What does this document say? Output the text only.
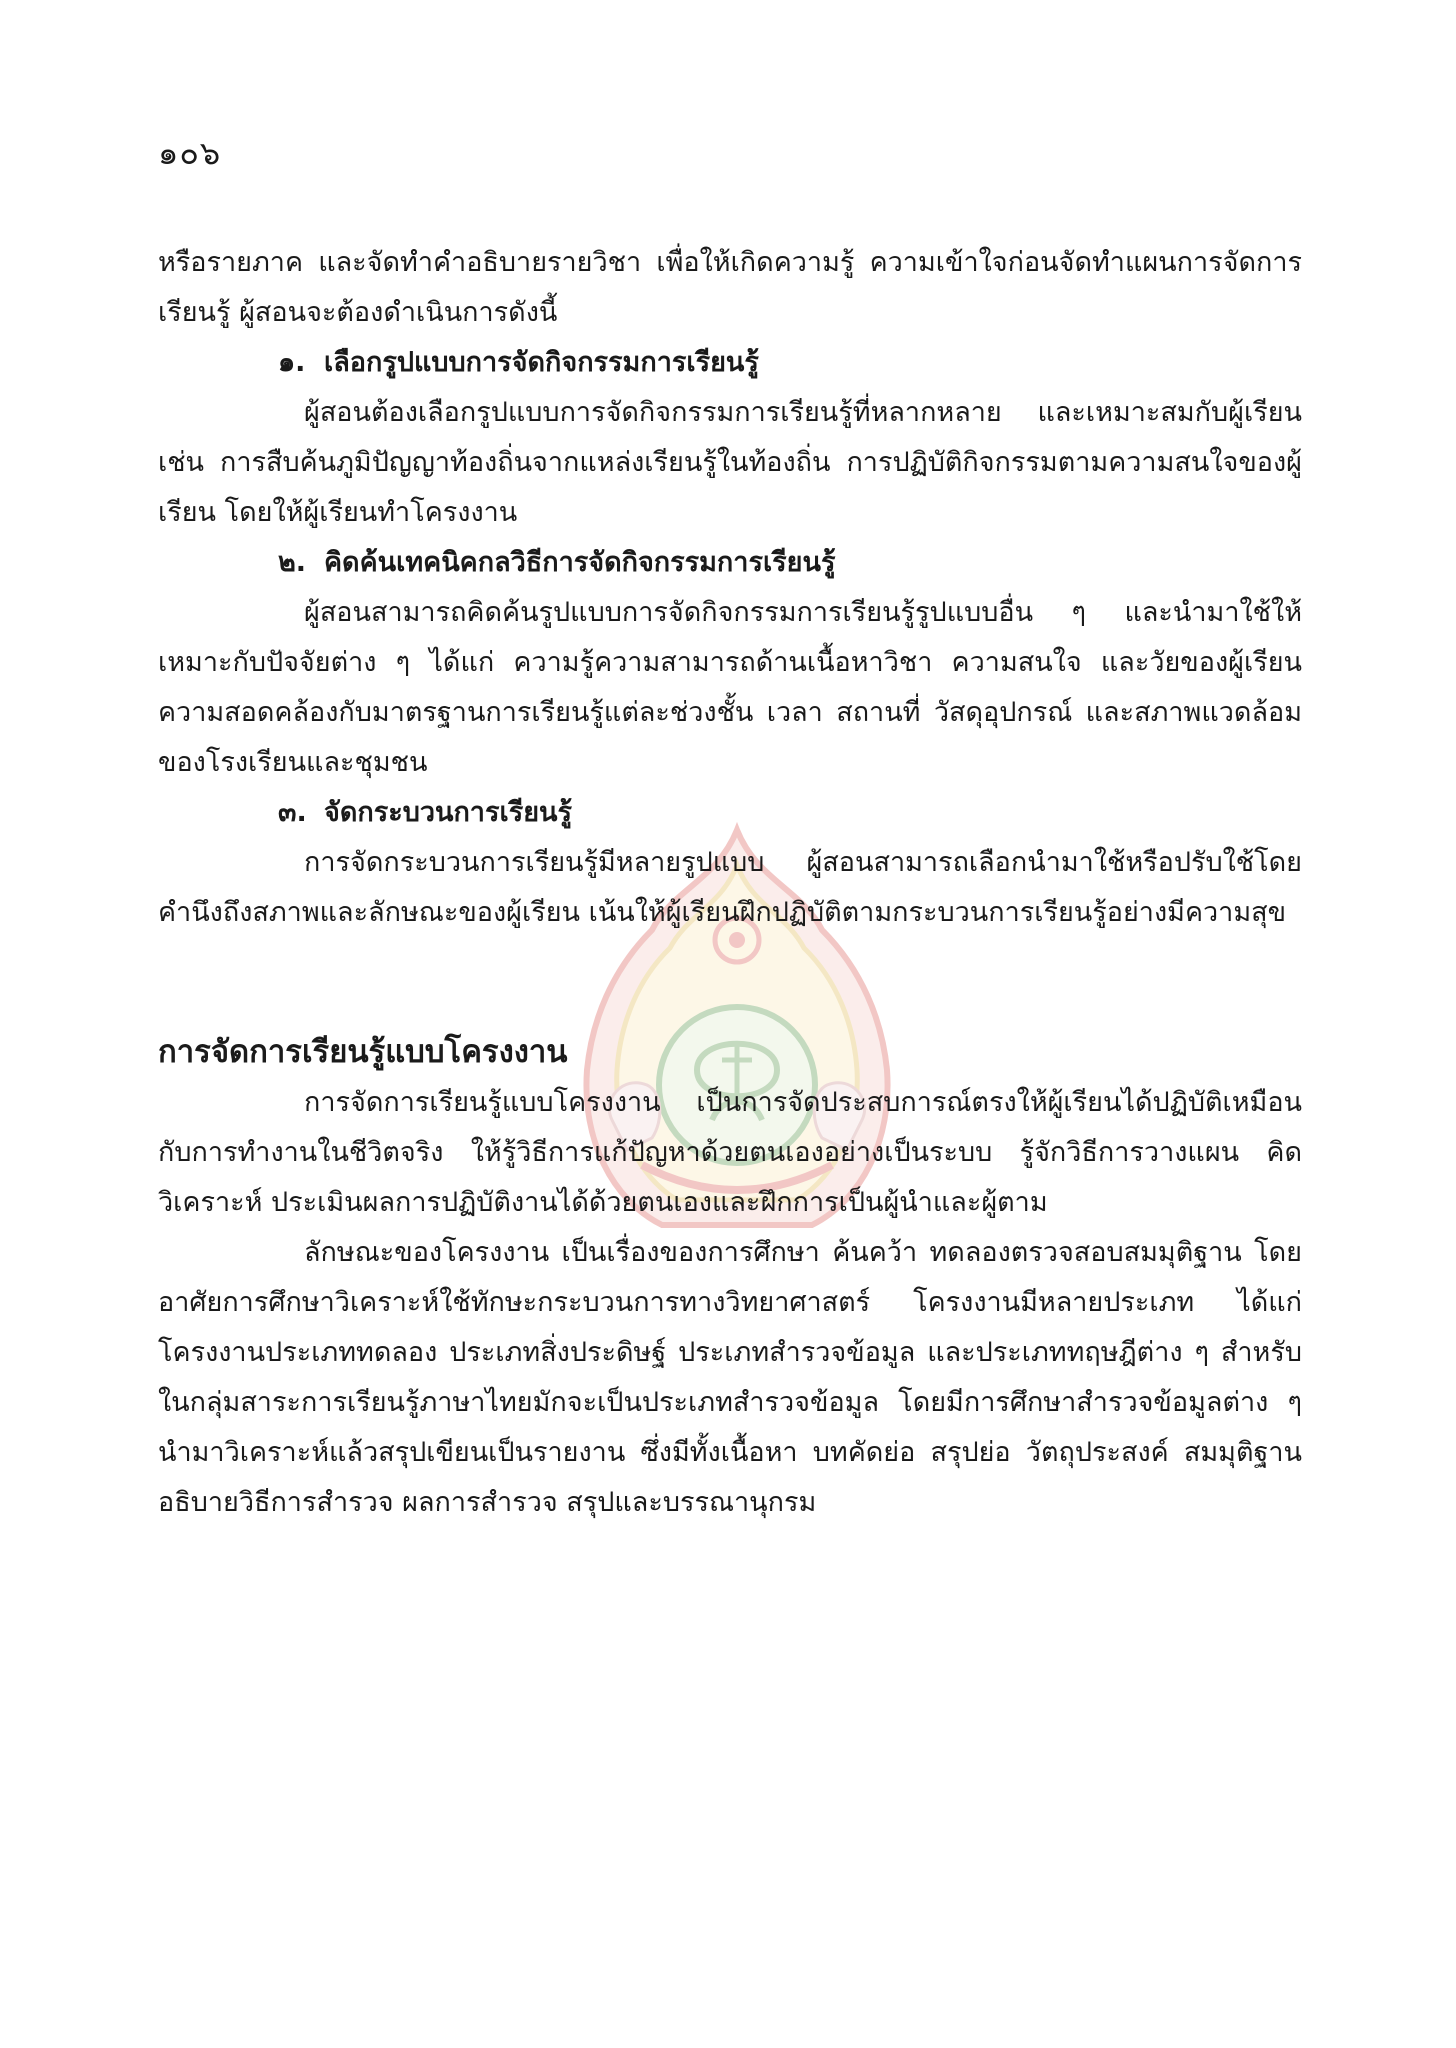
๑๐๖

หรือรายภาค และจัดทำคำอธิบายรายวิชา เพื่อให้เกิดความรู้ ความเข้าใจก่อนจัดทำแผนการจัดการเรียนรู้ ผู้สอนจะต้องดำเนินการดังนี้

๑. เลือกรูปแบบการจัดกิจกรรมการเรียนรู้

ผู้สอนต้องเลือกรูปแบบการจัดกิจกรรมการเรียนรู้ที่หลากหลาย และเหมาะสมกับผู้เรียน เช่น การสืบค้นภูมิปัญญาท้องถิ่นจากแหล่งเรียนรู้ในท้องถิ่น การปฏิบัติกิจกรรมตามความสนใจของผู้เรียน โดยให้ผู้เรียนทำโครงงาน

๒. คิดค้นเทคนิคกลวิธีการจัดกิจกรรมการเรียนรู้

ผู้สอนสามารถคิดค้นรูปแบบการจัดกิจกรรมการเรียนรู้รูปแบบอื่น ๆ และนำมาใช้ให้เหมาะกับปัจจัยต่าง ๆ ได้แก่ ความรู้ความสามารถด้านเนื้อหาวิชา ความสนใจ และวัยของผู้เรียน ความสอดคล้องกับมาตรฐานการเรียนรู้แต่ละช่วงชั้น เวลา สถานที่ วัสดุอุปกรณ์ และสภาพแวดล้อมของโรงเรียนและชุมชน

๓. จัดกระบวนการเรียนรู้

การจัดกระบวนการเรียนรู้มีหลายรูปแบบ ผู้สอนสามารถเลือกนำมาใช้หรือปรับใช้โดยคำนึงถึงสภาพและลักษณะของผู้เรียน เน้นให้ผู้เรียนฝึกปฏิบัติตามกระบวนการเรียนรู้อย่างมีความสุข

การจัดการเรียนรู้แบบโครงงาน

การจัดการเรียนรู้แบบโครงงาน เป็นการจัดประสบการณ์ตรงให้ผู้เรียนได้ปฏิบัติเหมือนกับการทำงานในชีวิตจริง ให้รู้วิธีการแก้ปัญหาด้วยตนเองอย่างเป็นระบบ รู้จักวิธีการวางแผน คิดวิเคราะห์ ประเมินผลการปฏิบัติงานได้ด้วยตนเองและฝึกการเป็นผู้นำและผู้ตาม

ลักษณะของโครงงาน เป็นเรื่องของการศึกษา ค้นคว้า ทดลองตรวจสอบสมมุติฐาน โดยอาศัยการศึกษาวิเคราะห์ใช้ทักษะกระบวนการทางวิทยาศาสตร์ โครงงานมีหลายประเภท ได้แก่ โครงงานประเภททดลอง ประเภทสิ่งประดิษฐ์ ประเภทสำรวจข้อมูล และประเภททฤษฎีต่าง ๆ สำหรับในกลุ่มสาระการเรียนรู้ภาษาไทยมักจะเป็นประเภทสำรวจข้อมูล โดยมีการศึกษาสำรวจข้อมูลต่าง ๆ นำมาวิเคราะห์แล้วสรุปเขียนเป็นรายงาน ซึ่งมีทั้งเนื้อหา บทคัดย่อ สรุปย่อ วัตถุประสงค์ สมมุติฐาน อธิบายวิธีการสำรวจ ผลการสำรวจ สรุปและบรรณานุกรม
